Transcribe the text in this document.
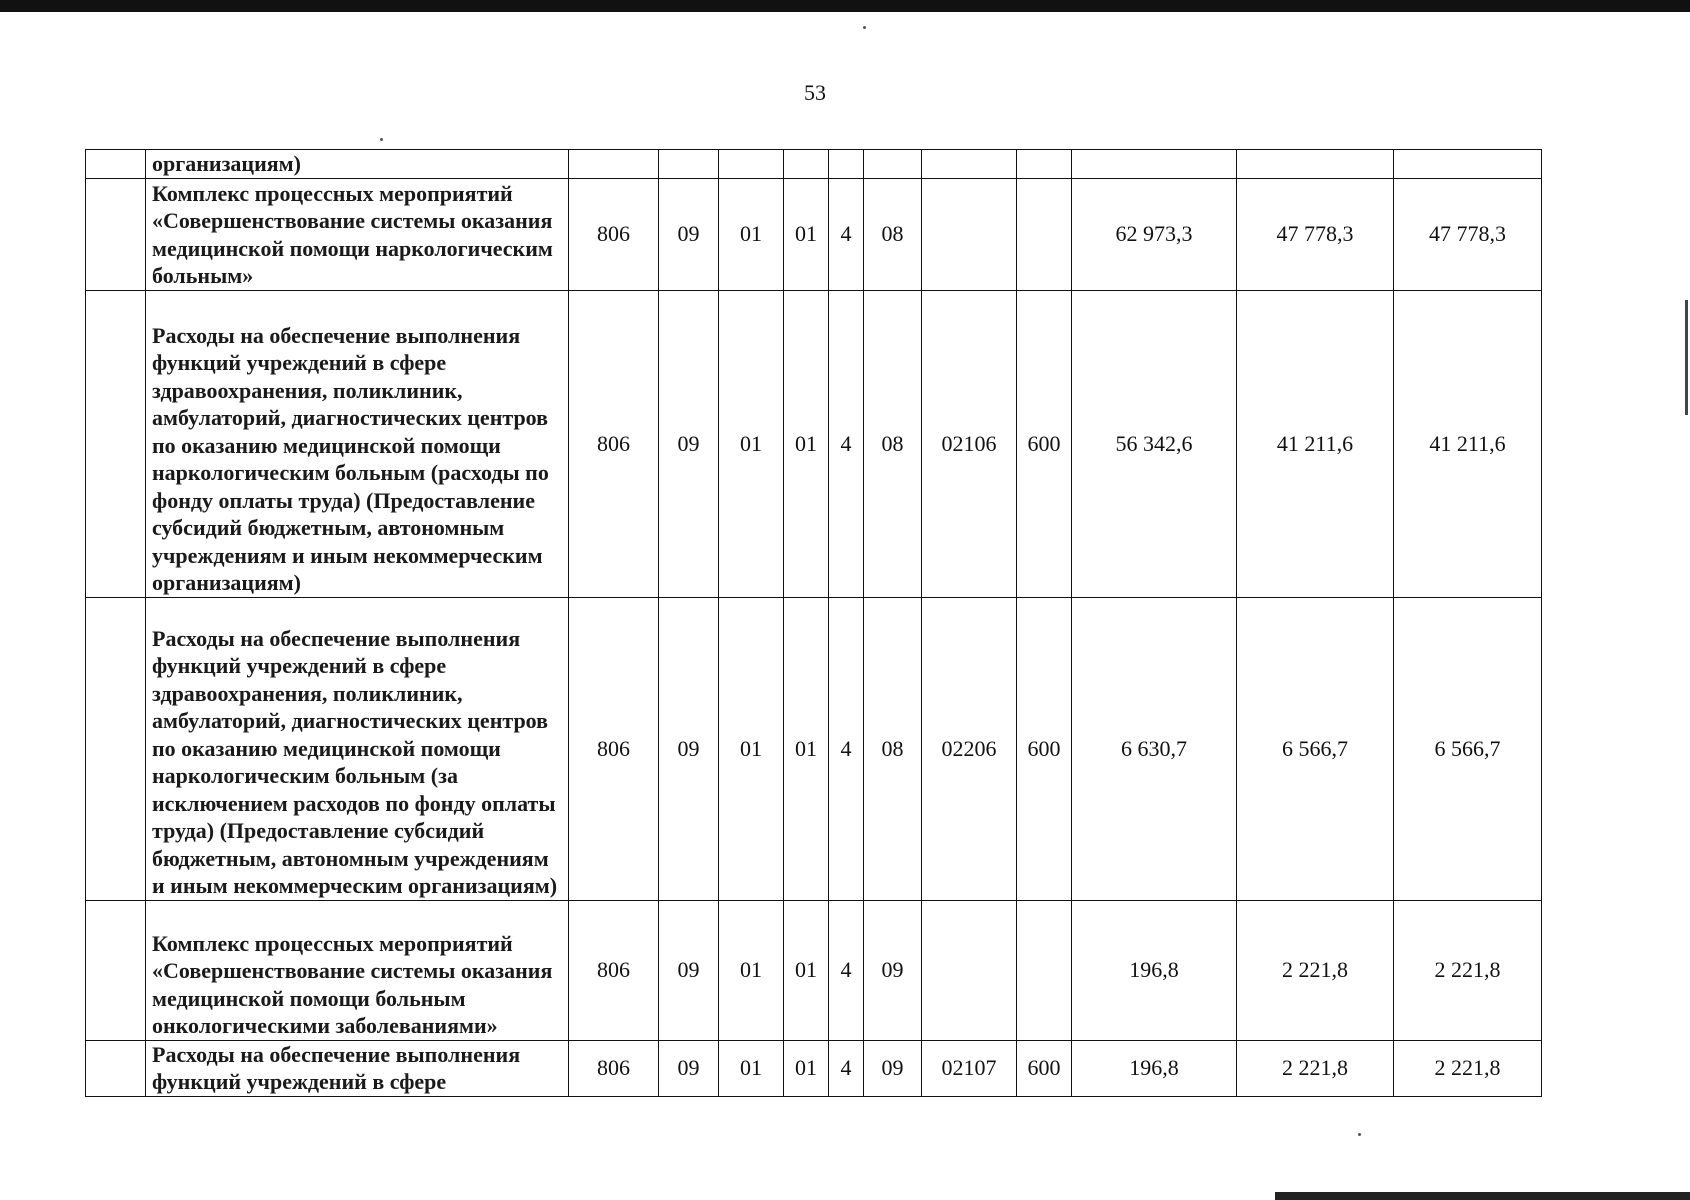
53
	организациям)											
	Комплекс процессных мероприятий «Совершенствование системы оказания медицинской помощи наркологическим больным»	806	09	01	01	4	08			62 973,3	47 778,3	47 778,3
	Расходы на обеспечение выполнения функций учреждений в сфере здравоохранения, поликлиник, амбулаторий, диагностических центров по оказанию медицинской помощи наркологическим больным (расходы по фонду оплаты труда) (Предоставление субсидий бюджетным, автономным учреждениям и иным некоммерческим организациям)	806	09	01	01	4	08	02106	600	56 342,6	41 211,6	41 211,6
	Расходы на обеспечение выполнения функций учреждений в сфере здравоохранения, поликлиник, амбулаторий, диагностических центров по оказанию медицинской помощи наркологическим больным (за исключением расходов по фонду оплаты труда) (Предоставление субсидий бюджетным, автономным учреждениям и иным некоммерческим организациям)	806	09	01	01	4	08	02206	600	6 630,7	6 566,7	6 566,7
	Комплекс процессных мероприятий «Совершенствование системы оказания медицинской помощи больным онкологическими заболеваниями»	806	09	01	01	4	09			196,8	2 221,8	2 221,8
	Расходы на обеспечение выполнения функций учреждений в сфере	806	09	01	01	4	09	02107	600	196,8	2 221,8	2 221,8
